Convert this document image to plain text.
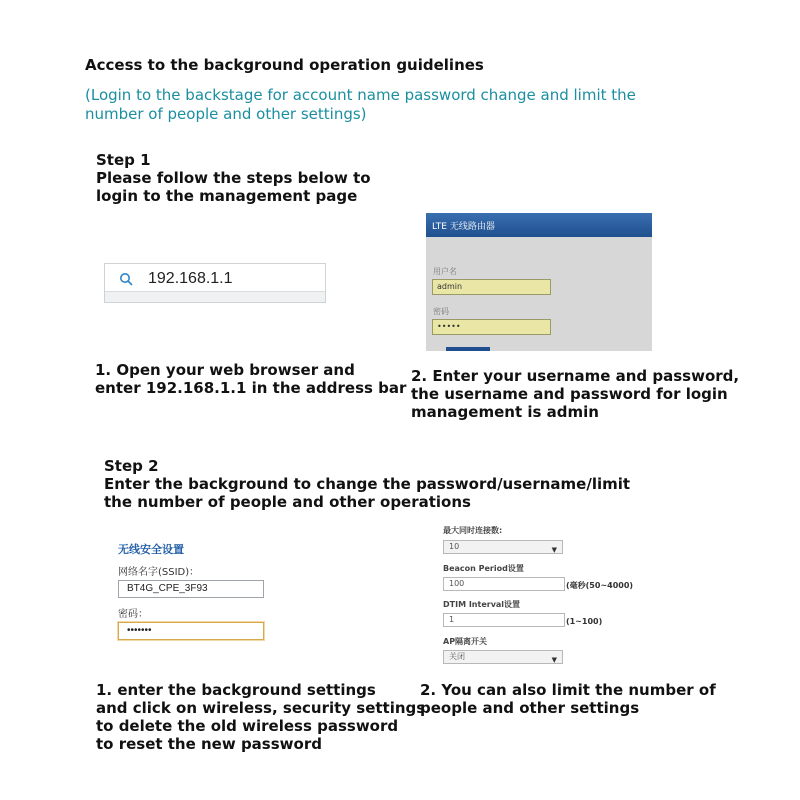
Access to the background operation guidelines
(Login to the backstage for account name password change and limit the
number of people and other settings)
Step 1
Please follow the steps below to
login to the management page
192.168.1.1
LTE 无线路由器
用户名
admin
密码
•••••
1. Open your web browser and
enter 192.168.1.1 in the address bar
2. Enter your username and password,
the username and password for login
management is admin
Step 2
Enter the background to change the password/username/limit
the number of people and other operations
无线安全设置
网络名字(SSID)：
BT4G_CPE_3F93
密码：
•••••••
最大同时连接数:
10	▼
Beacon Period设置
100	(毫秒(50~4000)
DTIM Interval设置
1	(1~100)
AP隔离开关
关闭	▼
1. enter the background settings
and click on wireless, security settings
to delete the old wireless password
to reset the new password
2. You can also limit the number of
people and other settings
